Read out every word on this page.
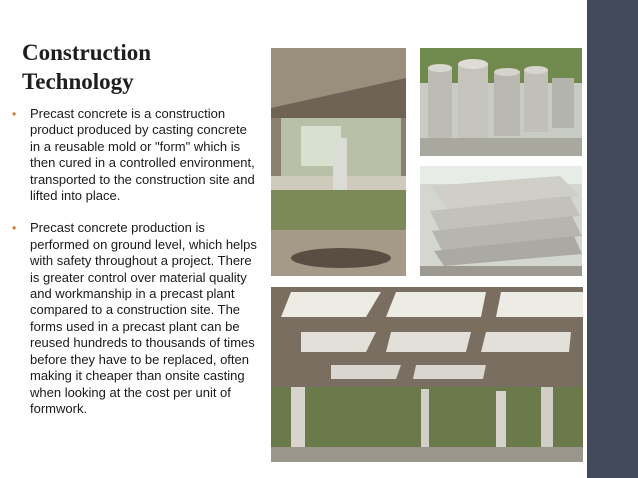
Construction
Technology
• Precast concrete is a construction product produced by casting concrete in a reusable mold or "form" which is then cured in a controlled environment, transported to the construction site and lifted into place.
• Precast concrete production is performed on ground level, which helps with safety throughout a project. There is greater control over material quality and workmanship in a precast plant compared to a construction site. The forms used in a precast plant can be reused hundreds to thousands of times before they have to be replaced, often making it cheaper than onsite casting when looking at the cost per unit of formwork.
